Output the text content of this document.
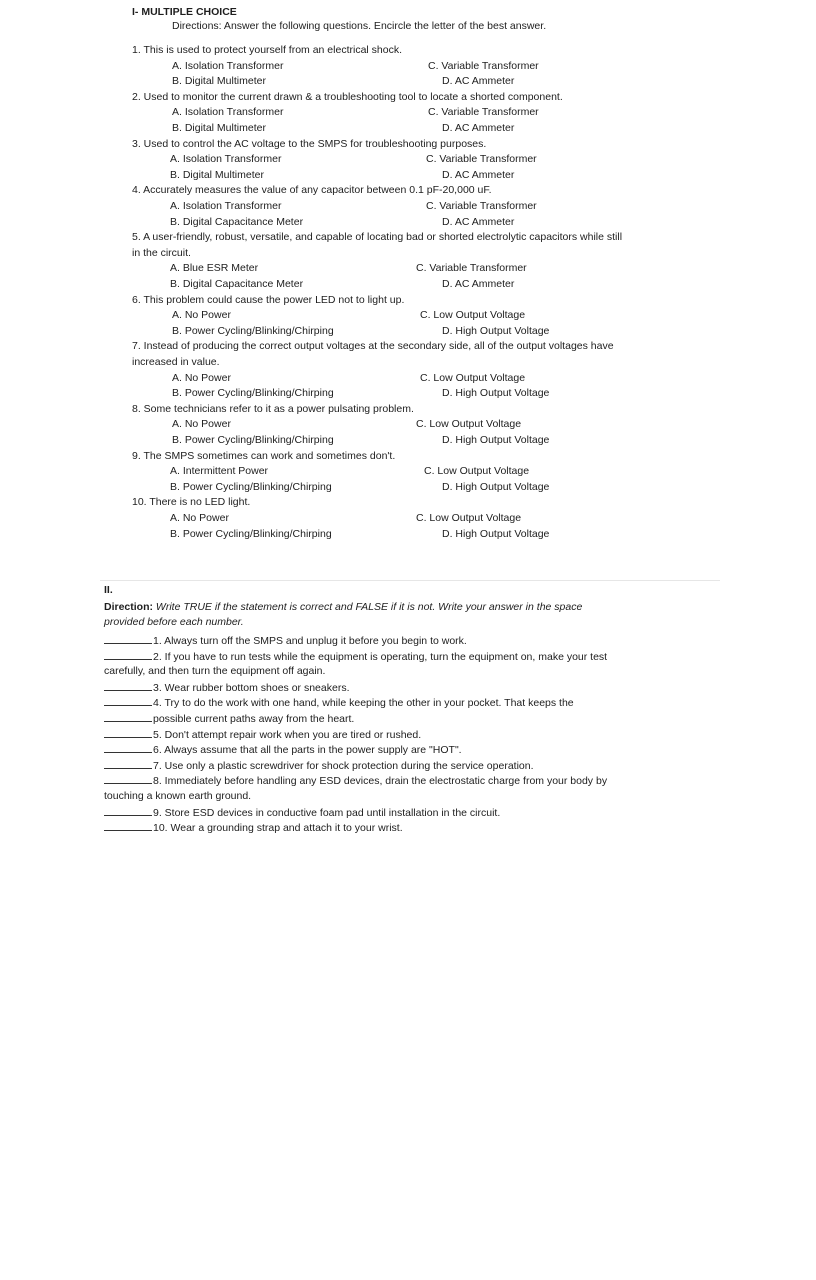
I- MULTIPLE CHOICE
Directions: Answer the following questions. Encircle the letter of the best answer.
1. This is used to protect yourself from an electrical shock.
A. Isolation Transformer	C. Variable Transformer
B. Digital Multimeter	D. AC Ammeter
2. Used to monitor the current drawn & a troubleshooting tool to locate a shorted component.
A. Isolation Transformer	C. Variable Transformer
B. Digital Multimeter	D. AC Ammeter
3. Used to control the AC voltage to the SMPS for troubleshooting purposes.
A. Isolation Transformer	C. Variable Transformer
B. Digital Multimeter	D. AC Ammeter
4. Accurately measures the value of any capacitor between 0.1 pF-20,000 uF.
A. Isolation Transformer	C. Variable Transformer
B. Digital Capacitance Meter	D. AC Ammeter
5. A user-friendly, robust, versatile, and capable of locating bad or shorted electrolytic capacitors while still
in the circuit.
A. Blue ESR Meter	C. Variable Transformer
B. Digital Capacitance Meter	D. AC Ammeter
6. This problem could cause the power LED not to light up.
A. No Power	C. Low Output Voltage
B. Power Cycling/Blinking/Chirping	D. High Output Voltage
7. Instead of producing the correct output voltages at the secondary side, all of the output voltages have
increased in value.
A. No Power	C. Low Output Voltage
B. Power Cycling/Blinking/Chirping	D. High Output Voltage
8. Some technicians refer to it as a power pulsating problem.
A. No Power	C. Low Output Voltage
B. Power Cycling/Blinking/Chirping	D. High Output Voltage
9. The SMPS sometimes can work and sometimes don't.
A. Intermittent Power	C. Low Output Voltage
B. Power Cycling/Blinking/Chirping	D. High Output Voltage
10. There is no LED light.
A. No Power	C. Low Output Voltage
B. Power Cycling/Blinking/Chirping	D. High Output Voltage
II.
Direction: Write TRUE if the statement is correct and FALSE if it is not. Write your answer in the space
provided before each number.
1. Always turn off the SMPS and unplug it before you begin to work.
2. If you have to run tests while the equipment is operating, turn the equipment on, make your test
carefully, and then turn the equipment off again.
3. Wear rubber bottom shoes or sneakers.
4. Try to do the work with one hand, while keeping the other in your pocket. That keeps the
possible current paths away from the heart.
5. Don't attempt repair work when you are tired or rushed.
6. Always assume that all the parts in the power supply are "HOT".
7. Use only a plastic screwdriver for shock protection during the service operation.
8. Immediately before handling any ESD devices, drain the electrostatic charge from your body by
touching a known earth ground.
9. Store ESD devices in conductive foam pad until installation in the circuit.
10. Wear a grounding strap and attach it to your wrist.
